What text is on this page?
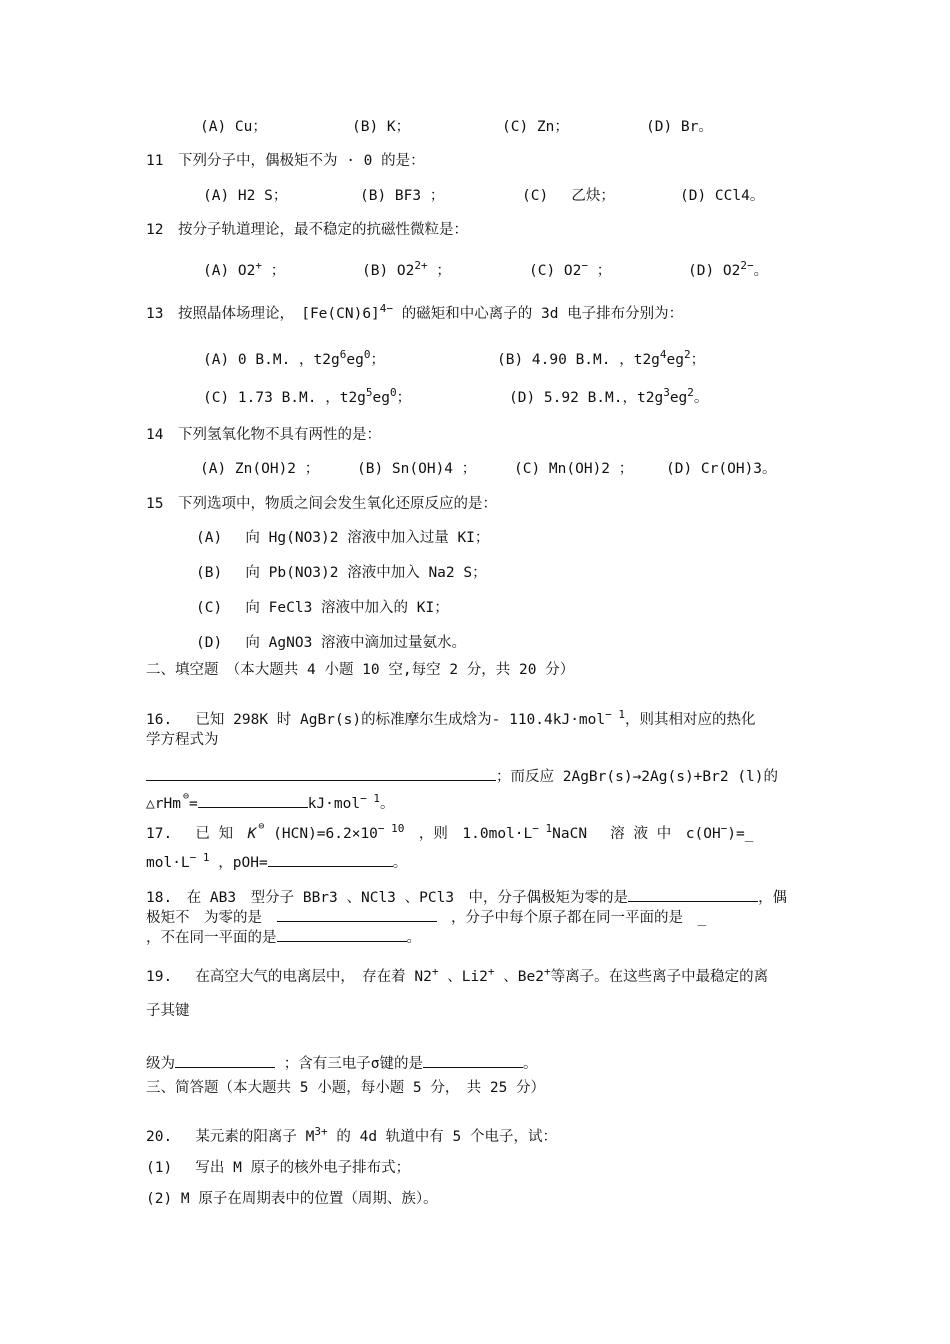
(A) Cu；	(B) K；	(C) Zn；	(D) Br。
11　下列分子中，偶极矩不为 · 0 的是：
(A) H2 S；	(B) BF3 ；	(C)　 乙炔；	(D) CCl4。
12　按分子轨道理论，最不稳定的抗磁性微粒是：
(A) O2+ ；	(B) $O2^{2+}$ ；	(C) O2− ；	(D) $O2^{2-}$。
13　按照晶体场理论，　$[Fe(CN)6]^{4-}$ 的磁矩和中心离子的 3d 电子排布分别为：
(A) 0 B.M. ，$t2g^6eg^0$；	(B) 4.90 B.M. ，$t2g^4eg^2$；
(C) 1.73 B.M. ，$t2g^5eg^0$；	(D) 5.92 B.M.，$t2g^3eg^2$。
14　下列氢氧化物不具有两性的是：
(A) Zn(OH)2 ；	(B) Sn(OH)4 ；	(C) Mn(OH)2 ； (D) Cr(OH)3。
15　下列选项中，物质之间会发生氧化还原反应的是：
(A)　 向 Hg(NO3)2 溶液中加入过量 KI；
(B)　 向 Pb(NO3)2 溶液中加入 Na2 S；
(C)　 向 FeCl3 溶液中加入的 KI；
(D)　 向 AgNO3 溶液中滴加过量氨水。
二、填空题　（本大题共 4 小题 10 空,每空 2 分，共 20 分）
16.　 已知 298K 时 AgBr(s)的标准摩尔生成焓为- 110.4kJ·mol$^{- 1}$，则其相对应的热化
学方程式为
；而反应 2AgBr(s)→2Ag(s)+Br2 (l)的
△rHm ⊖=	kJ·mol$^{- 1}$。
17.　 已 知　 K ⊖ $(HCN)=6.2\times 10^{- 10}$　，则　$1.0mol\cdot L^{- 1}NaCN$　 溶 液 中　c(OH−)=_
$mol\cdot L^{- 1}$ ，pOH=	。
18.　在 AB3　型分子 BBr3 、NCl3 、PCl3　中，分子偶极矩为零的是	，偶
极矩不　为零的是　　	，分子中每个原子都在同一平面的是　_
，不在同一平面的是	。
19.　 在高空大气的电离层中，　存在着 N2+ 、Li2+ 、Be2+等离子。在这些离子中最稳定的离
子其键
级为	；含有三电子σ键的是	。
三、简答题（本大题共 5 小题，每小题 5 分，　共 25 分）
20.　 某元素的阳离子 $M^{3+}$ 的 4d 轨道中有 5 个电子，试：
(1)　 写出 M 原子的核外电子排布式；
(2) M 原子在周期表中的位置（周期、族）。
